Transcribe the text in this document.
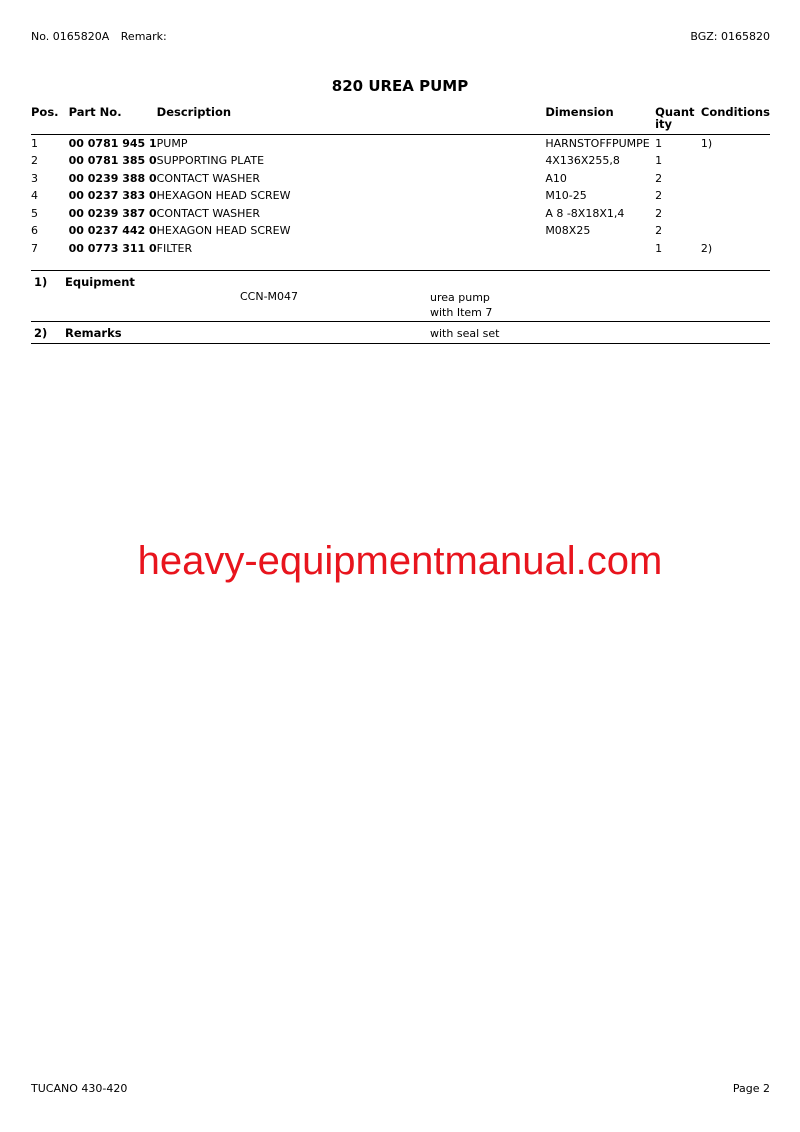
No. 0165820A Remark:	BGZ: 0165820
820 UREA PUMP
Pos.	Part No.	Description	Dimension	Quantity	Conditions
1	00 0781 945 1	PUMP	HARNSTOFFPUMPE	1	1)
2	00 0781 385 0	SUPPORTING PLATE	4X136X255,8	1	
3	00 0239 388 0	CONTACT WASHER	A10	2	
4	00 0237 383 0	HEXAGON HEAD SCREW	M10-25	2	
5	00 0239 387 0	CONTACT WASHER	A 8 -8X18X1,4	2	
6	00 0237 442 0	HEXAGON HEAD SCREW	M08X25	2	
7	00 0773 311 0	FILTER		1	2)
1) Equipment
CCN-M047	urea pump
with Item 7
2) Remarks	with seal set
heavy-equipmentmanual.com
TUCANO 430-420	Page 2
